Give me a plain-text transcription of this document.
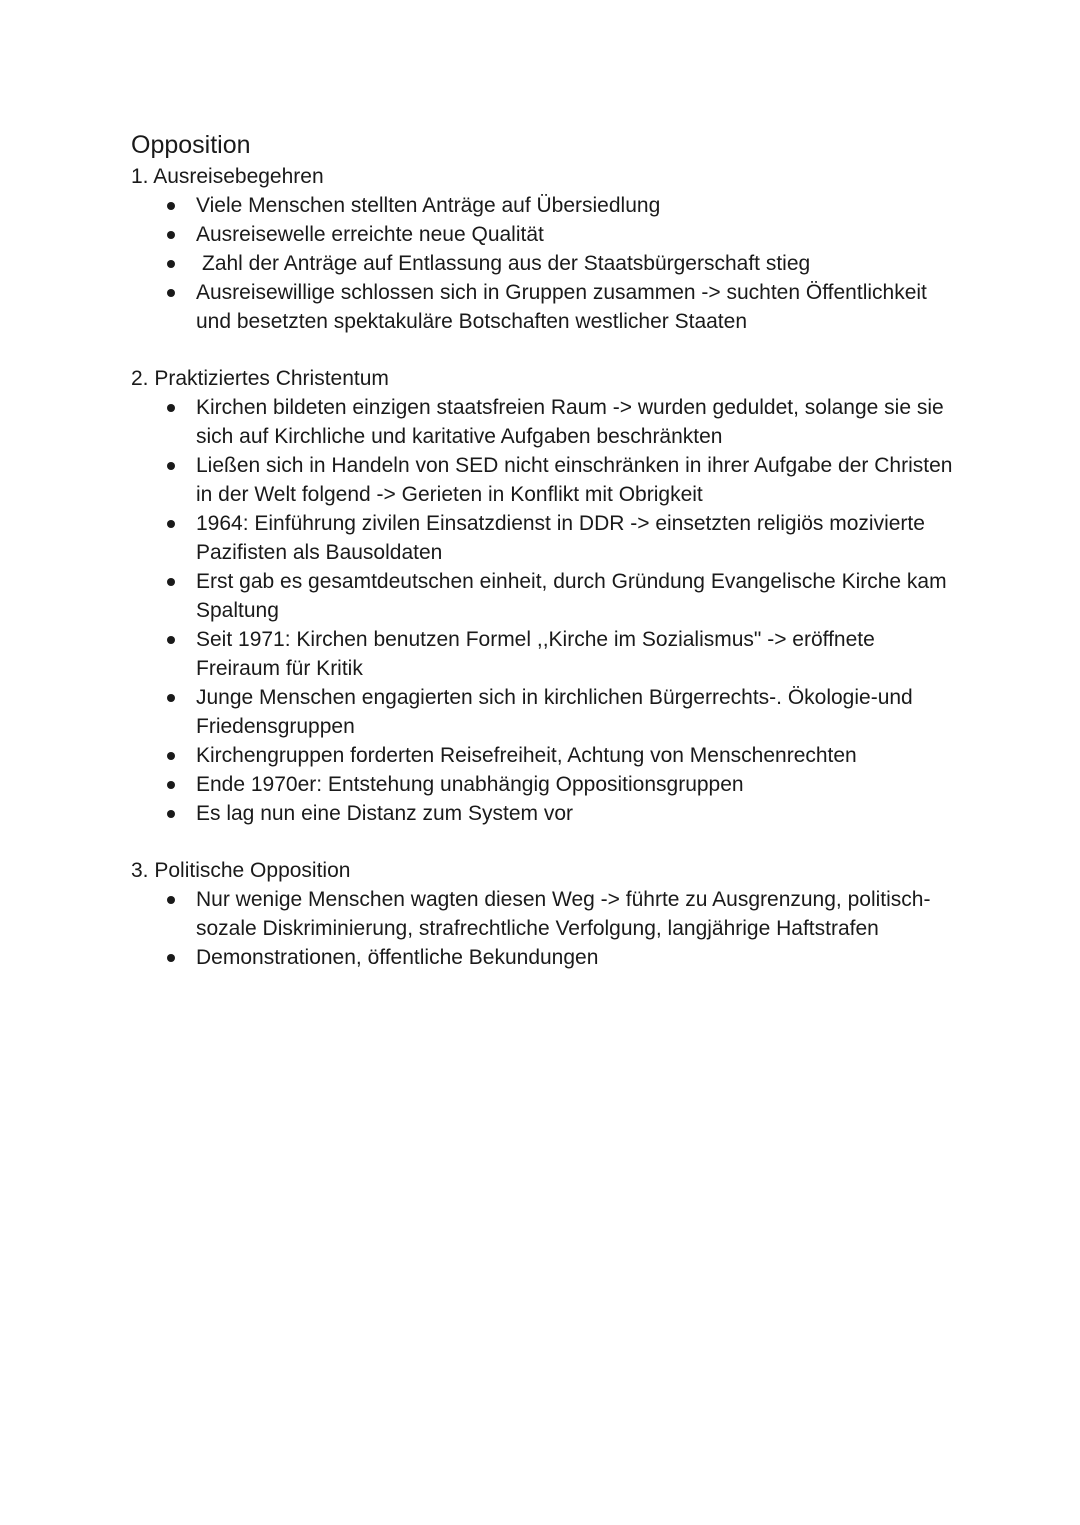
Opposition

1. Ausreisebegehren

Viele Menschen stellten Anträge auf Übersiedlung
Ausreisewelle erreichte neue Qualität
Zahl der Anträge auf Entlassung aus der Staatsbürgerschaft stieg
Ausreisewillige schlossen sich in Gruppen zusammen -> suchten Öffentlichkeit und besetzten spektakuläre Botschaften westlicher Staaten

2. Praktiziertes Christentum

Kirchen bildeten einzigen staatsfreien Raum -> wurden geduldet, solange sie sie sich auf Kirchliche und karitative Aufgaben beschränkten
Ließen sich in Handeln von SED nicht einschränken in ihrer Aufgabe der Christen in der Welt folgend -> Gerieten in Konflikt mit Obrigkeit
1964: Einführung zivilen Einsatzdienst in DDR -> einsetzten religiös mozivierte Pazifisten als Bausoldaten
Erst gab es gesamtdeutschen einheit, durch Gründung Evangelische Kirche kam Spaltung
Seit 1971: Kirchen benutzen Formel ,,Kirche im Sozialismus" -> eröffnete Freiraum für Kritik
Junge Menschen engagierten sich in kirchlichen Bürgerrechts-. Ökologie-und Friedensgruppen
Kirchengruppen forderten Reisefreiheit, Achtung von Menschenrechten
Ende 1970er: Entstehung unabhängig Oppositionsgruppen
Es lag nun eine Distanz zum System vor

3. Politische Opposition

Nur wenige Menschen wagten diesen Weg -> führte zu Ausgrenzung, politisch-sozale Diskriminierung, strafrechtliche Verfolgung, langjährige Haftstrafen
Demonstrationen, öffentliche Bekundungen
